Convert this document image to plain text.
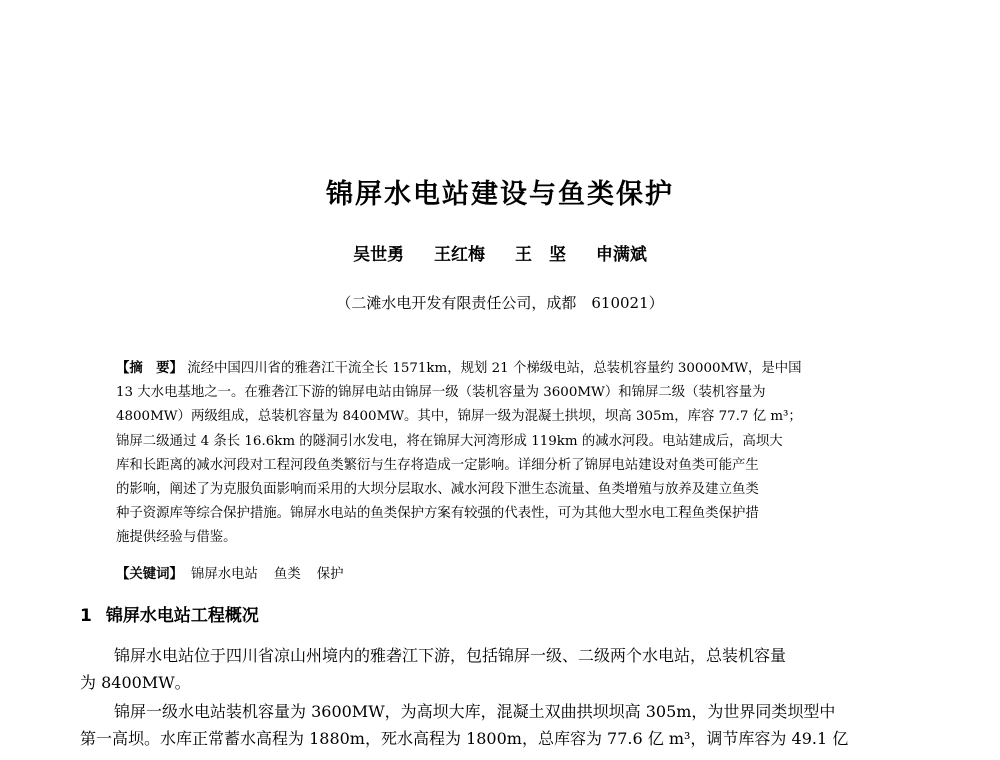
锦屏水电站建设与鱼类保护
吴世勇 王红梅 王　坚 申满斌
（二滩水电开发有限责任公司，成都　610021）
【摘　要】 流经中国四川省的雅砻江干流全长 1571km，规划 21 个梯级电站，总装机容量约 30000MW，是中国
13 大水电基地之一。在雅砻江下游的锦屏电站由锦屏一级（装机容量为 3600MW）和锦屏二级（装机容量为
4800MW）两级组成，总装机容量为 8400MW。其中，锦屏一级为混凝土拱坝，坝高 305m，库容 77.7 亿 m³；
锦屏二级通过 4 条长 16.6km 的隧洞引水发电，将在锦屏大河湾形成 119km 的减水河段。电站建成后，高坝大
库和长距离的减水河段对工程河段鱼类繁衍与生存将造成一定影响。详细分析了锦屏电站建设对鱼类可能产生
的影响，阐述了为克服负面影响而采用的大坝分层取水、减水河段下泄生态流量、鱼类增殖与放养及建立鱼类
种子资源库等综合保护措施。锦屏水电站的鱼类保护方案有较强的代表性，可为其他大型水电工程鱼类保护措
施提供经验与借鉴。
【关键词】 锦屏水电站 鱼类 保护
1 锦屏水电站工程概况
锦屏水电站位于四川省凉山州境内的雅砻江下游，包括锦屏一级、二级两个水电站，总装机容量
为 8400MW。
锦屏一级水电站装机容量为 3600MW，为高坝大库，混凝土双曲拱坝坝高 305m，为世界同类坝型中
第一高坝。水库正常蓄水高程为 1880m，死水高程为 1800m，总库容为 77.6 亿 m³，调节库容为 49.1 亿
